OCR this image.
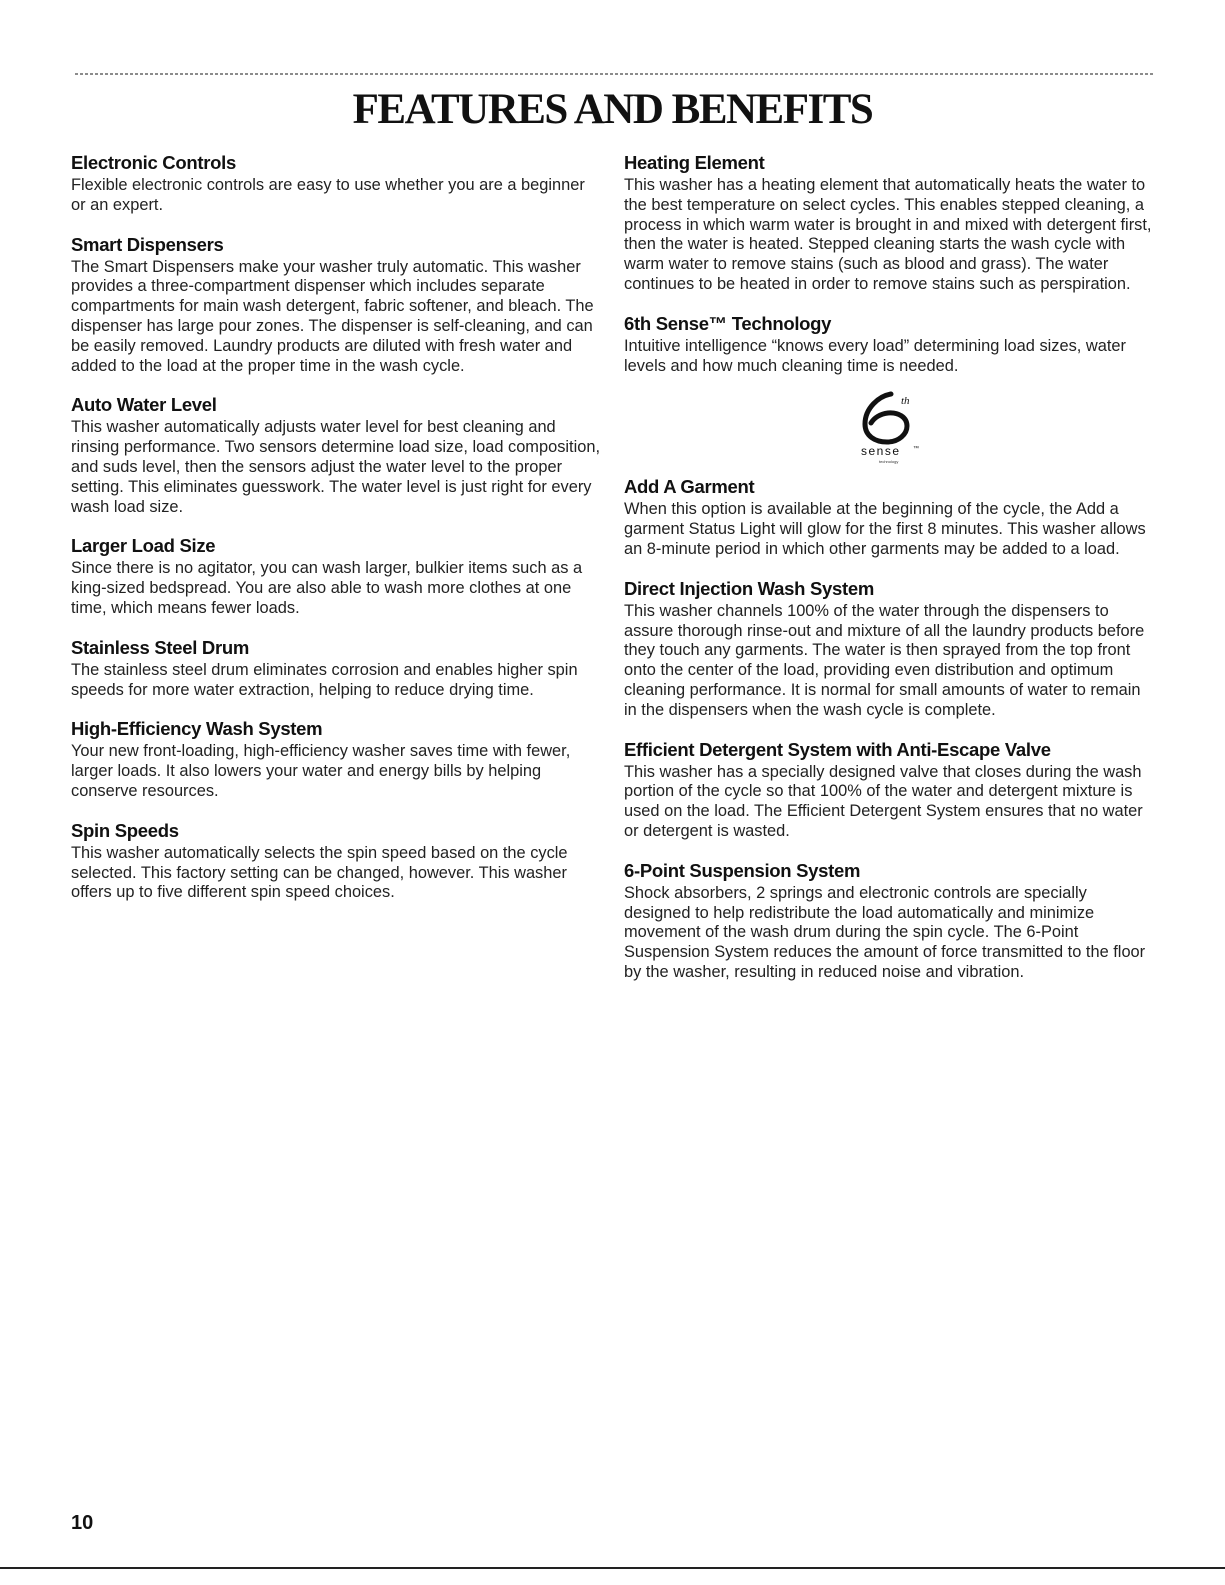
FEATURES AND BENEFITS
Electronic Controls

Flexible electronic controls are easy to use whether you are a beginner or an expert.

Smart Dispensers

The Smart Dispensers make your washer truly automatic. This washer provides a three-compartment dispenser which includes separate compartments for main wash detergent, fabric softener, and bleach. The dispenser has large pour zones. The dispenser is self-cleaning, and can be easily removed. Laundry products are diluted with fresh water and added to the load at the proper time in the wash cycle.

Auto Water Level

This washer automatically adjusts water level for best cleaning and rinsing performance. Two sensors determine load size, load composition, and suds level, then the sensors adjust the water level to the proper setting. This eliminates guesswork. The water level is just right for every wash load size.

Larger Load Size

Since there is no agitator, you can wash larger, bulkier items such as a king-sized bedspread. You are also able to wash more clothes at one time, which means fewer loads.

Stainless Steel Drum

The stainless steel drum eliminates corrosion and enables higher spin speeds for more water extraction, helping to reduce drying time.

High-Efficiency Wash System

Your new front-loading, high-efficiency washer saves time with fewer, larger loads. It also lowers your water and energy bills by helping conserve resources.

Spin Speeds

This washer automatically selects the spin speed based on the cycle selected. This factory setting can be changed, however. This washer offers up to five different spin speed choices.

Heating Element

This washer has a heating element that automatically heats the water to the best temperature on select cycles. This enables stepped cleaning, a process in which warm water is brought in and mixed with detergent first, then the water is heated. Stepped cleaning starts the wash cycle with warm water to remove stains (such as blood and grass). The water continues to be heated in order to remove stains such as perspiration.

6th Sense™ Technology

Intuitive intelligence “knows every load” determining load sizes, water levels and how much cleaning time is needed.

th
sense ™
technology
Add A Garment

When this option is available at the beginning of the cycle, the Add a garment Status Light will glow for the first 8 minutes. This washer allows an 8-minute period in which other garments may be added to a load.

Direct Injection Wash System

This washer channels 100% of the water through the dispensers to assure thorough rinse-out and mixture of all the laundry products before they touch any garments. The water is then sprayed from the top front onto the center of the load, providing even distribution and optimum cleaning performance. It is normal for small amounts of water to remain in the dispensers when the wash cycle is complete.

Efficient Detergent System with Anti-Escape Valve

This washer has a specially designed valve that closes during the wash portion of the cycle so that 100% of the water and detergent mixture is used on the load. The Efficient Detergent System ensures that no water or detergent is wasted.

6-Point Suspension System

Shock absorbers, 2 springs and electronic controls are specially designed to help redistribute the load automatically and minimize movement of the wash drum during the spin cycle. The 6-Point Suspension System reduces the amount of force transmitted to the floor by the washer, resulting in reduced noise and vibration.

10
